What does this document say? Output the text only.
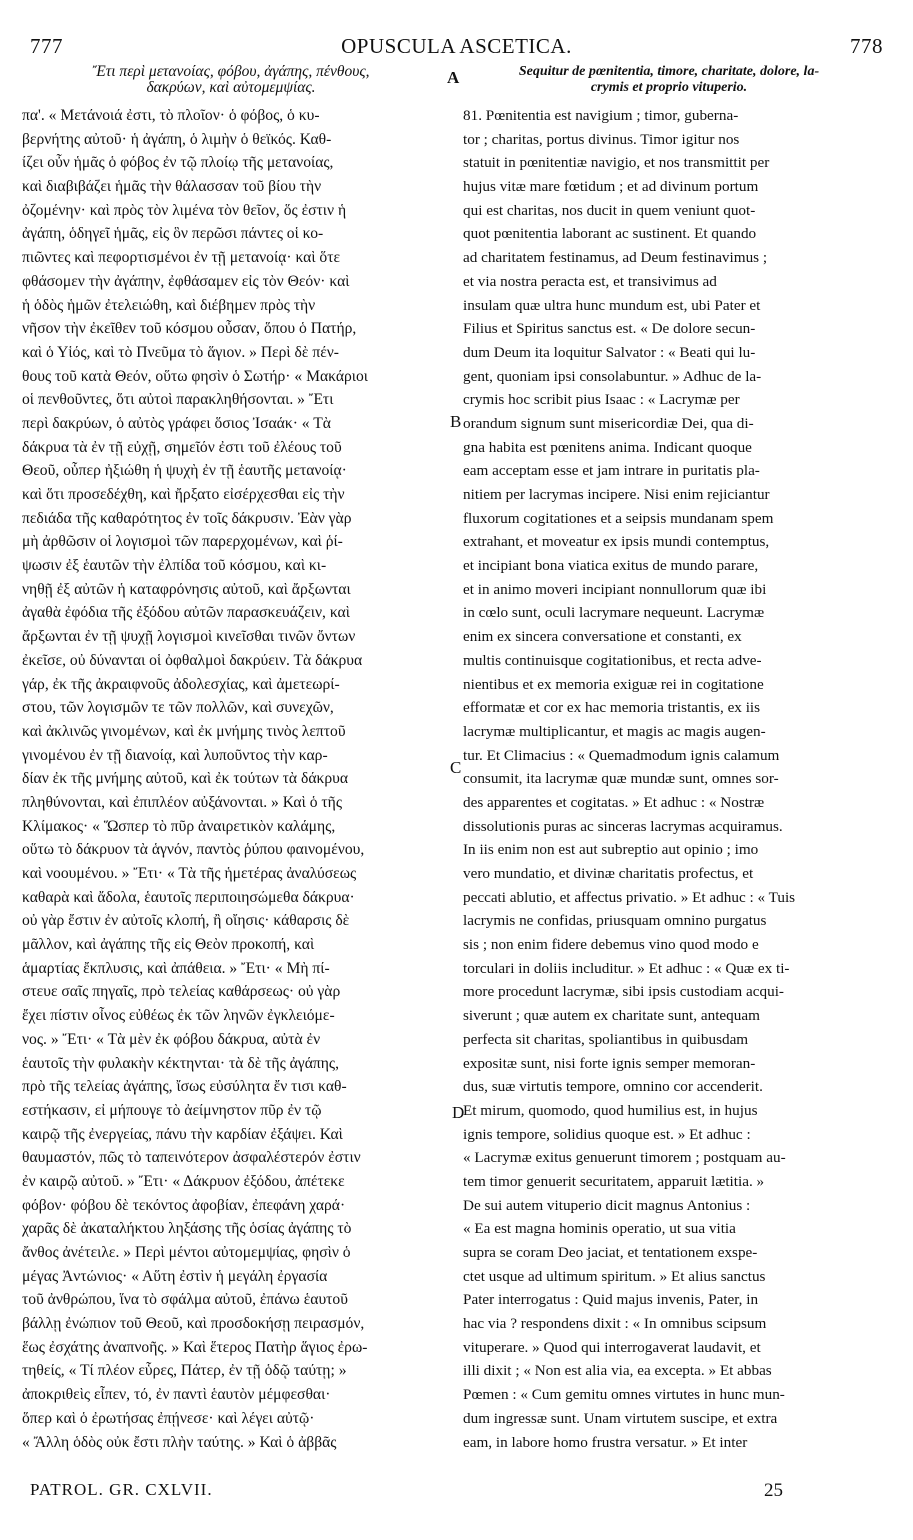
777	OPUSCULA ASCETICA.	778
Ἔτι περὶ μετανοίας, φόβου, ἀγάπης, πένθους,
δακρύων, καὶ αὐτομεμψίας.
πα'. « Μετάνοιά ἐστι, τὸ πλοῖον· ὁ φόβος, ὁ κυ-
βερνήτης αὐτοῦ· ἡ ἀγάπη, ὁ λιμὴν ὁ θεϊκός. Καθ-
ίζει οὖν ἡμᾶς ὁ φόβος ἐν τῷ πλοίῳ τῆς μετανοίας,
καὶ διαβιβάζει ἡμᾶς τὴν θάλασσαν τοῦ βίου τὴν
ὀζομένην· καὶ πρὸς τὸν λιμένα τὸν θεῖον, ὅς ἐστιν ἡ
ἀγάπη, ὁδηγεῖ ἡμᾶς, εἰς ὃν περῶσι πάντες οἱ κο-
πιῶντες καὶ πεφορτισμένοι ἐν τῇ μετανοίᾳ· καὶ ὅτε
φθάσομεν τὴν ἀγάπην, ἐφθάσαμεν εἰς τὸν Θεόν· καὶ
ἡ ὁδὸς ἡμῶν ἐτελειώθη, καὶ διέβημεν πρὸς τὴν
νῆσον τὴν ἐκεῖθεν τοῦ κόσμου οὖσαν, ὅπου ὁ Πατήρ,
καὶ ὁ Υἱός, καὶ τὸ Πνεῦμα τὸ ἅγιον. » Περὶ δὲ πέν-
θους τοῦ κατὰ Θεόν, οὕτω φησὶν ὁ Σωτήρ· « Μακάριοι
οἱ πενθοῦντες, ὅτι αὐτοὶ παρακληθήσονται. » Ἔτι
περὶ δακρύων, ὁ αὐτὸς γράφει ὅσιος Ἰσαάκ· « Τὰ
δάκρυα τὰ ἐν τῇ εὐχῇ, σημεῖόν ἐστι τοῦ ἐλέους τοῦ
Θεοῦ, οὗπερ ἠξιώθη ἡ ψυχὴ ἐν τῇ ἑαυτῆς μετανοίᾳ·
καὶ ὅτι προσεδέχθη, καὶ ἤρξατο εἰσέρχεσθαι εἰς τὴν
πεδιάδα τῆς καθαρότητος ἐν τοῖς δάκρυσιν. Ἐὰν γὰρ
μὴ ἀρθῶσιν οἱ λογισμοὶ τῶν παρερχομένων, καὶ ῥί-
ψωσιν ἐξ ἑαυτῶν τὴν ἐλπίδα τοῦ κόσμου, καὶ κι-
νηθῇ ἐξ αὐτῶν ἡ καταφρόνησις αὐτοῦ, καὶ ἄρξωνται
ἀγαθὰ ἐφόδια τῆς ἐξόδου αὐτῶν παρασκευάζειν, καὶ
ἄρξωνται ἐν τῇ ψυχῇ λογισμοὶ κινεῖσθαι τινῶν ὄντων
ἐκεῖσε, οὐ δύνανται οἱ ὀφθαλμοὶ δακρύειν. Τὰ δάκρυα
γάρ, ἐκ τῆς ἀκραιφνοῦς ἀδολεσχίας, καὶ ἀμετεωρί-
στου, τῶν λογισμῶν τε τῶν πολλῶν, καὶ συνεχῶν,
καὶ ἀκλινῶς γινομένων, καὶ ἐκ μνήμης τινὸς λεπτοῦ
γινομένου ἐν τῇ διανοίᾳ, καὶ λυποῦντος τὴν καρ-
δίαν ἐκ τῆς μνήμης αὐτοῦ, καὶ ἐκ τούτων τὰ δάκρυα
πληθύνονται, καὶ ἐπιπλέον αὐξάνονται. » Καὶ ὁ τῆς
Κλίμακος· « Ὥσπερ τὸ πῦρ ἀναιρετικὸν καλάμης,
οὕτω τὸ δάκρυον τὰ ἁγνόν, παντὸς ῥύπου φαινομένου,
καὶ νοουμένου. » Ἔτι· « Τὰ τῆς ἡμετέρας ἀναλύσεως
καθαρὰ καὶ ἄδολα, ἑαυτοῖς περιποιησώμεθα δάκρυα·
οὐ γὰρ ἔστιν ἐν αὐτοῖς κλοπή, ἢ οἴησις· κάθαρσις δὲ
μᾶλλον, καὶ ἀγάπης τῆς εἰς Θεὸν προκοπή, καὶ
ἁμαρτίας ἔκπλυσις, καὶ ἀπάθεια. » Ἔτι· « Μὴ πί-
στευε σαῖς πηγαῖς, πρὸ τελείας καθάρσεως· οὐ γὰρ
ἔχει πίστιν οἶνος εὐθέως ἐκ τῶν ληνῶν ἐγκλειόμε-
νος. » Ἔτι· « Τὰ μὲν ἐκ φόβου δάκρυα, αὐτὰ ἐν
ἑαυτοῖς τὴν φυλακὴν κέκτηνται· τὰ δὲ τῆς ἀγάπης,
πρὸ τῆς τελείας ἀγάπης, ἴσως εὐσύλητα ἔν τισι καθ-
εστήκασιν, εἰ μήπουγε τὸ ἀείμνηστον πῦρ ἐν τῷ
καιρῷ τῆς ἐνεργείας, πάνυ τὴν καρδίαν ἐξάψει. Καὶ
θαυμαστόν, πῶς τὸ ταπεινότερον ἀσφαλέστερόν ἐστιν
ἐν καιρῷ αὐτοῦ. » Ἔτι· « Δάκρυον ἐξόδου, ἀπέτεκε
φόβον· φόβου δὲ τεκόντος ἀφοβίαν, ἐπεφάνη χαρά·
χαρᾶς δὲ ἀκαταλήκτου ληξάσης τῆς ὁσίας ἀγάπης τὸ
ἄνθος ἀνέτειλε. » Περὶ μέντοι αὐτομεμψίας, φησὶν ὁ
μέγας Ἀντώνιος· « Αὕτη ἐστὶν ἡ μεγάλη ἐργασία
τοῦ ἀνθρώπου, ἵνα τὸ σφάλμα αὐτοῦ, ἐπάνω ἑαυτοῦ
βάλλῃ ἐνώπιον τοῦ Θεοῦ, καὶ προσδοκήσῃ πειρασμόν,
ἕως ἐσχάτης ἀναπνοῆς. » Καὶ ἕτερος Πατὴρ ἅγιος ἐρω-
τηθείς, « Τί πλέον εὗρες, Πάτερ, ἐν τῇ ὁδῷ ταύτῃ; »
ἀποκριθεὶς εἶπεν, τό, ἐν παντὶ ἑαυτὸν μέμφεσθαι·
ὅπερ καὶ ὁ ἐρωτήσας ἐπῄνεσε· καὶ λέγει αὐτῷ·
« Ἄλλη ὁδὸς οὐκ ἔστι πλὴν ταύτης. » Καὶ ὁ ἀββᾶς
Sequitur de pœnitentia, timore, charitate, dolore, la-
crymis et proprio vituperio.
81. Pœnitentia est navigium ; timor, guberna-
tor ; charitas, portus divinus. Timor igitur nos
statuit in pœnitentiæ navigio, et nos transmittit per
hujus vitæ mare fœtidum ; et ad divinum portum
qui est charitas, nos ducit in quem veniunt quot-
quot pœnitentia laborant ac sustinent. Et quando
ad charitatem festinamus, ad Deum festinavimus ;
et via nostra peracta est, et transivimus ad
insulam quæ ultra hunc mundum est, ubi Pater et
Filius et Spiritus sanctus est. « De dolore secun-
dum Deum ita loquitur Salvator : « Beati qui lu-
gent, quoniam ipsi consolabuntur. » Adhuc de la-
crymis hoc scribit pius Isaac : « Lacrymæ per
orandum signum sunt misericordiæ Dei, qua di-
gna habita est pœnitens anima. Indicant quoque
eam acceptam esse et jam intrare in puritatis pla-
nitiem per lacrymas incipere. Nisi enim rejiciantur
fluxorum cogitationes et a seipsis mundanam spem
extrahant, et moveatur ex ipsis mundi contemptus,
et incipiant bona viatica exitus de mundo parare,
et in animo moveri incipiant nonnullorum quæ ibi
in cœlo sunt, oculi lacrymare nequeunt. Lacrymæ
enim ex sincera conversatione et constanti, ex
multis continuisque cogitationibus, et recta adve-
nientibus et ex memoria exiguæ rei in cogitatione
efformatæ et cor ex hac memoria tristantis, ex iis
lacrymæ multiplicantur, et magis ac magis augen-
tur. Et Climacius : « Quemadmodum ignis calamum
consumit, ita lacrymæ quæ mundæ sunt, omnes sor-
des apparentes et cogitatas. » Et adhuc : « Nostræ
dissolutionis puras ac sinceras lacrymas acquiramus.
In iis enim non est aut subreptio aut opinio ; imo
vero mundatio, et divinæ charitatis profectus, et
peccati ablutio, et affectus privatio. » Et adhuc : « Tuis
lacrymis ne confidas, priusquam omnino purgatus
sis ; non enim fidere debemus vino quod modo e
torculari in doliis includitur. » Et adhuc : « Quæ ex ti-
more procedunt lacrymæ, sibi ipsis custodiam acqui-
siverunt ; quæ autem ex charitate sunt, antequam
perfecta sit charitas, spoliantibus in quibusdam
expositæ sunt, nisi forte ignis semper memoran-
dus, suæ virtutis tempore, omnino cor accenderit.
Et mirum, quomodo, quod humilius est, in hujus
ignis tempore, solidius quoque est. » Et adhuc :
« Lacrymæ exitus genuerunt timorem ; postquam au-
tem timor genuerit securitatem, apparuit lætitia. »
De sui autem vituperio dicit magnus Antonius :
« Ea est magna hominis operatio, ut sua vitia
supra se coram Deo jaciat, et tentationem exspe-
ctet usque ad ultimum spiritum. » Et alius sanctus
Pater interrogatus : Quid majus invenis, Pater, in
hac via ? respondens dixit : « In omnibus scipsum
vituperare. » Quod qui interrogaverat laudavit, et
illi dixit ; « Non est alia via, ea excepta. » Et abbas
Pœmen : « Cum gemitu omnes virtutes in hunc mun-
dum ingressæ sunt. Unam virtutem suscipe, et extra
eam, in labore homo frustra versatur. » Et inter
A
B
C
D
PATROL. GR. CXLVII.	25
